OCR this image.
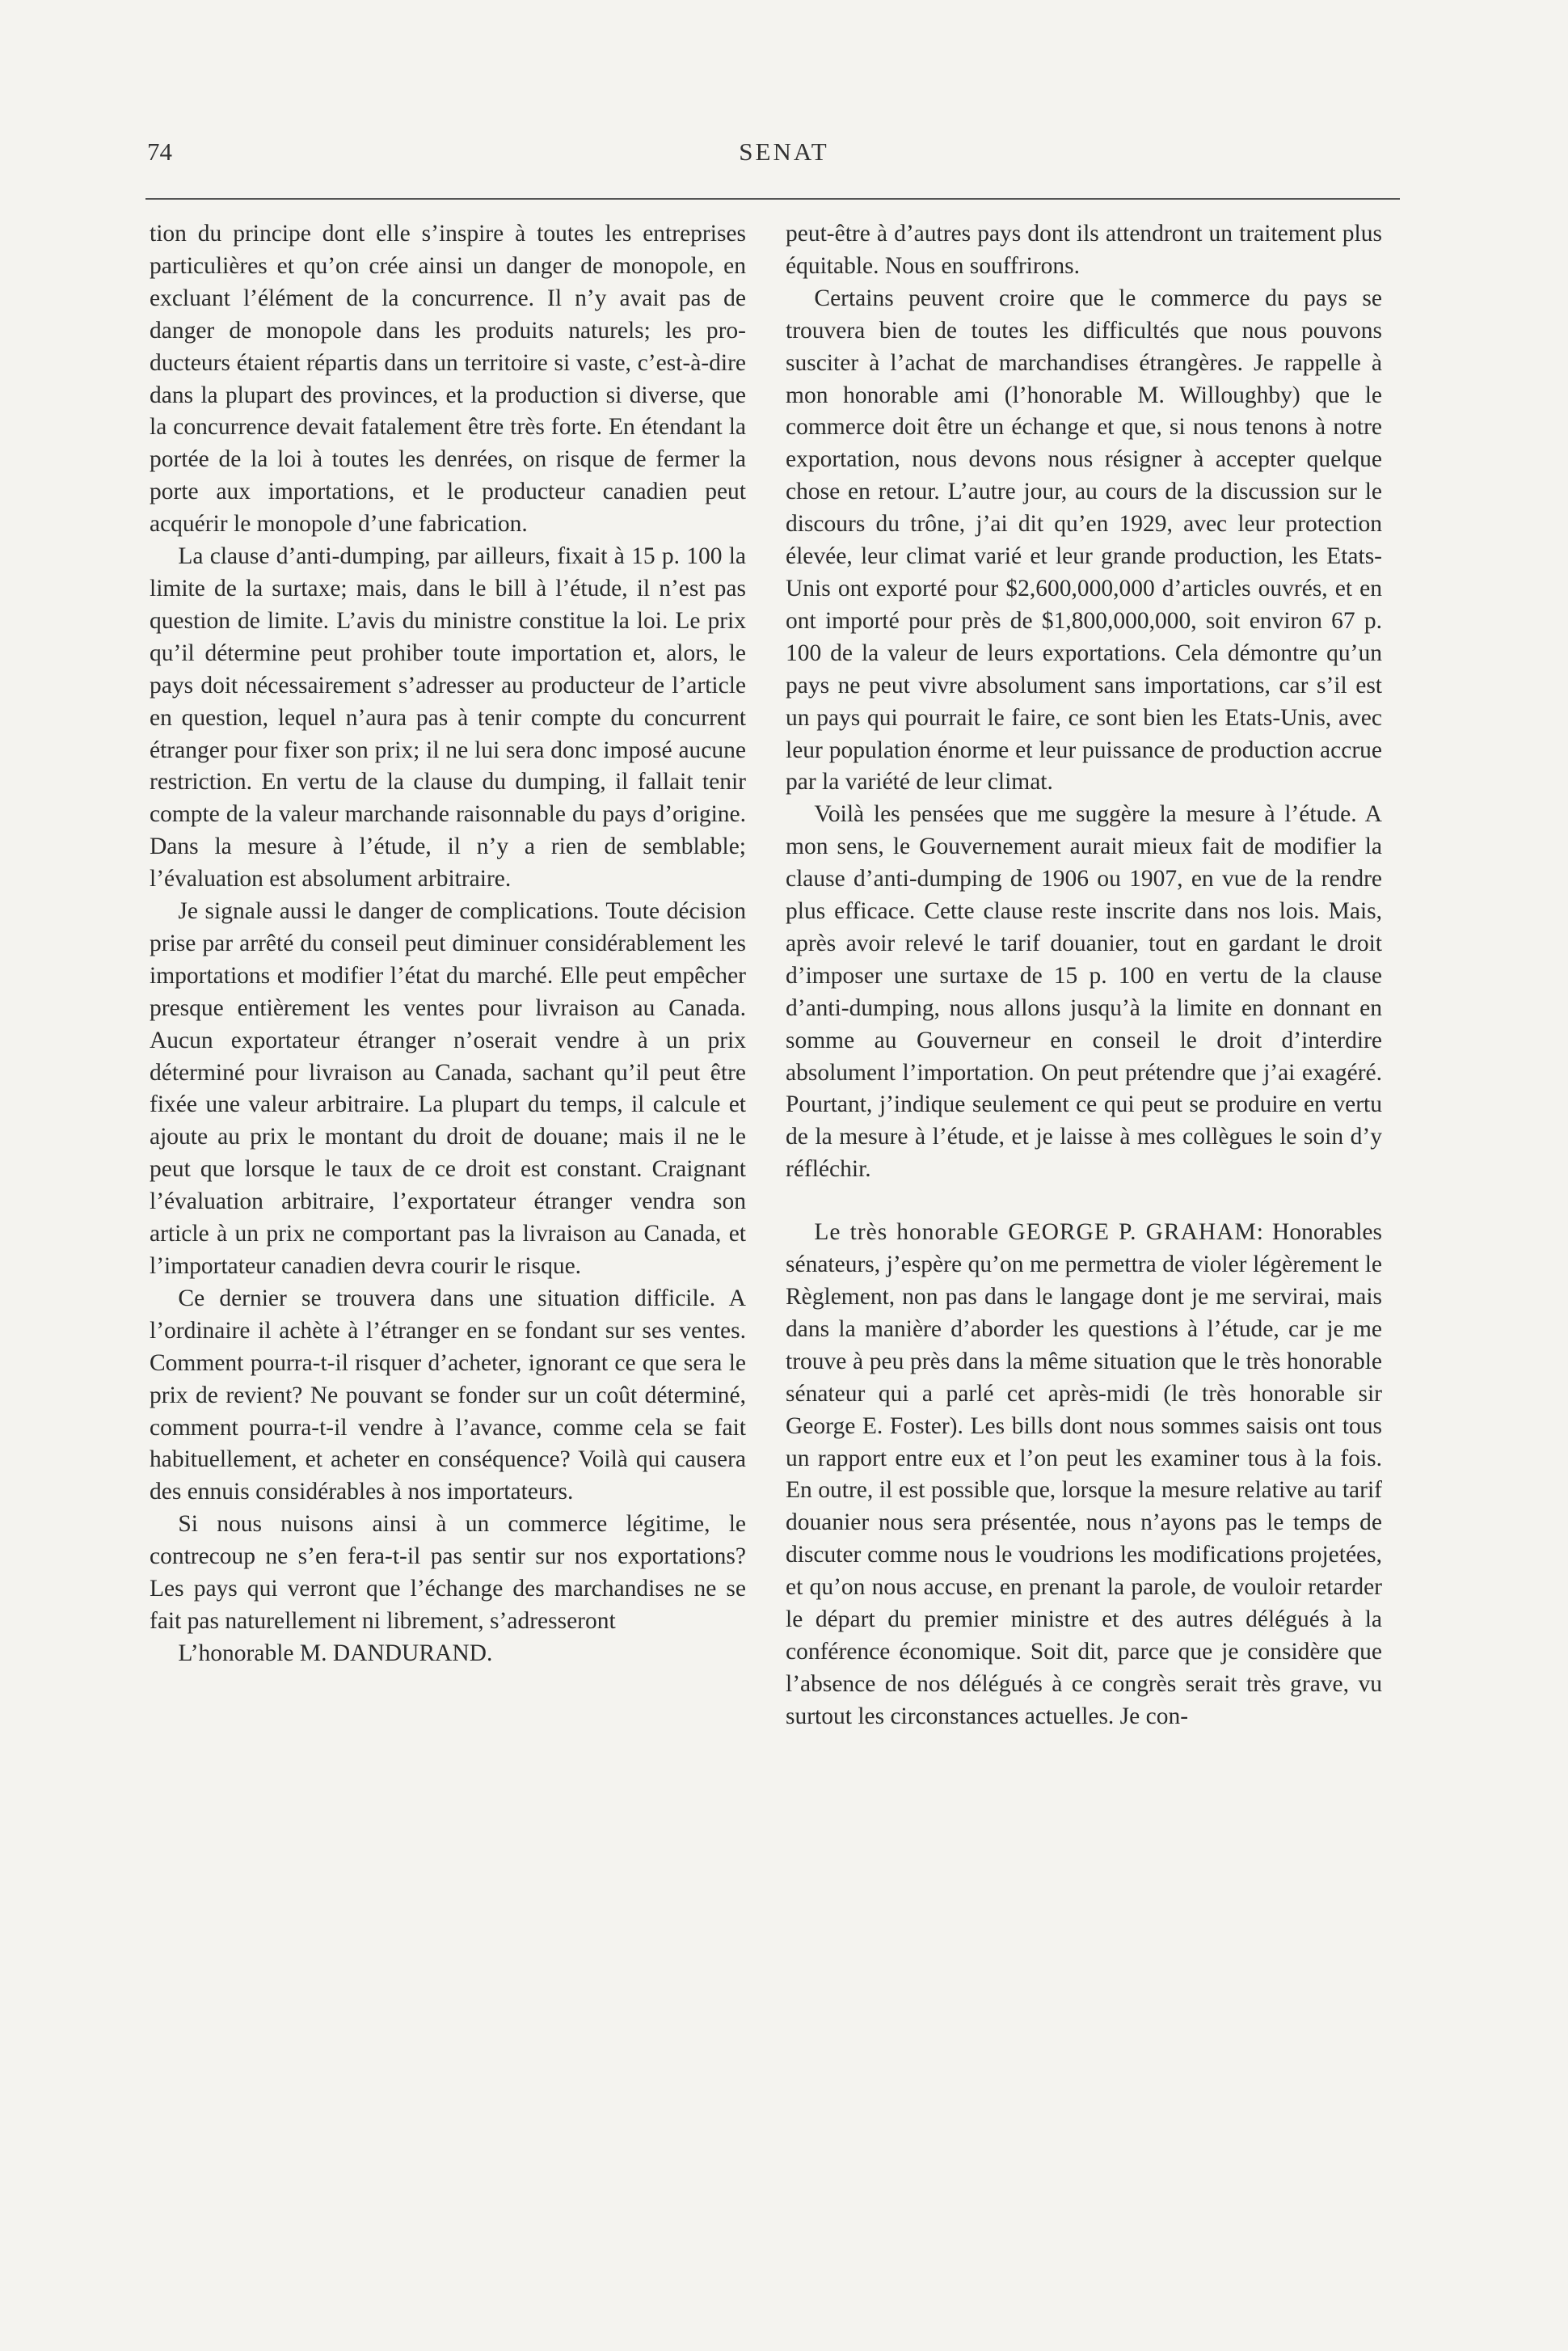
74	SENAT

tion du principe dont elle s’inspire à toutes les entreprises particulières et qu’on crée ainsi un danger de monopole, en excluant l’élément de la concurrence. Il n’y avait pas de danger de monopole dans les produits naturels; les producteurs étaient répartis dans un territoire si vaste, c’est-à-dire dans la plupart des provinces, et la production si diverse, que la concurrence devait fatalement être très forte. En étendant la portée de la loi à toutes les denrées, on risque de fermer la porte aux importations, et le producteur canadien peut acquérir le monopole d’une fabrication.

La clause d’anti-dumping, par ailleurs, fixait à 15 p. 100 la limite de la surtaxe; mais, dans le bill à l’étude, il n’est pas question de limite. L’avis du ministre constitue la loi. Le prix qu’il détermine peut prohiber toute importation et, alors, le pays doit nécessairement s’adresser au producteur de l’article en question, lequel n’aura pas à tenir compte du concurrent étranger pour fixer son prix; il ne lui sera donc imposé aucune restriction. En vertu de la clause du dumping, il fallait tenir compte de la valeur marchande raisonnable du pays d’origine. Dans la mesure à l’étude, il n’y a rien de semblable; l’évaluation est absolument arbitraire.

Je signale aussi le danger de complications. Toute décision prise par arrêté du conseil peut diminuer considérablement les importations et modifier l’état du marché. Elle peut empêcher presque entièrement les ventes pour livraison au Canada. Aucun exportateur étranger n’oserait vendre à un prix déterminé pour livraison au Canada, sachant qu’il peut être fixée une valeur arbitraire. La plupart du temps, il calcule et ajoute au prix le montant du droit de douane; mais il ne le peut que lorsque le taux de ce droit est constant. Craignant l’évaluation arbitraire, l’exportateur étranger vendra son article à un prix ne comportant pas la livraison au Canada, et l’importateur canadien devra courir le risque.

Ce dernier se trouvera dans une situation difficile. A l’ordinaire il achète à l’étranger en se fondant sur ses ventes. Comment pourra-t-il risquer d’acheter, ignorant ce que sera le prix de revient? Ne pouvant se fonder sur un coût déterminé, comment pourra-t-il vendre à l’avance, comme cela se fait habituellement, et acheter en conséquence? Voilà qui causera des ennuis considérables à nos importateurs.

Si nous nuisons ainsi à un commerce légitime, le contrecoup ne s’en fera-t-il pas sentir sur nos exportations? Les pays qui verront que l’échange des marchandises ne se fait pas naturellement ni librement, s’adresseront

L’honorable M. DANDURAND.

peut-être à d’autres pays dont ils attendront un traitement plus équitable. Nous en souffrirons.

Certains peuvent croire que le commerce du pays se trouvera bien de toutes les difficultés que nous pouvons susciter à l’achat de marchandises étrangères. Je rappelle à mon honorable ami (l’honorable M. Willoughby) que le commerce doit être un échange et que, si nous tenons à notre exportation, nous devons nous résigner à accepter quelque chose en retour. L’autre jour, au cours de la discussion sur le discours du trône, j’ai dit qu’en 1929, avec leur protection élevée, leur climat varié et leur grande production, les Etats-Unis ont exporté pour $2,600,000,000 d’articles ouvrés, et en ont importé pour près de $1,800,000,000, soit environ 67 p. 100 de la valeur de leurs exportations. Cela démontre qu’un pays ne peut vivre absolument sans importations, car s’il est un pays qui pourrait le faire, ce sont bien les Etats-Unis, avec leur population énorme et leur puissance de production accrue par la variété de leur climat.

Voilà les pensées que me suggère la mesure à l’étude. A mon sens, le Gouvernement aurait mieux fait de modifier la clause d’anti-dumping de 1906 ou 1907, en vue de la rendre plus efficace. Cette clause reste inscrite dans nos lois. Mais, après avoir relevé le tarif douanier, tout en gardant le droit d’imposer une surtaxe de 15 p. 100 en vertu de la clause d’anti-dumping, nous allons jusqu’à la limite en donnant en somme au Gouverneur en conseil le droit d’interdire absolument l’importation. On peut prétendre que j’ai exagéré. Pourtant, j’indique seulement ce qui peut se produire en vertu de la mesure à l’étude, et je laisse à mes collègues le soin d’y réfléchir.

Le très honorable GEORGE P. GRAHAM: Honorables sénateurs, j’espère qu’on me permettra de violer légèrement le Règlement, non pas dans le langage dont je me servirai, mais dans la manière d’aborder les questions à l’étude, car je me trouve à peu près dans la même situation que le très honorable sénateur qui a parlé cet après-midi (le très honorable sir George E. Foster). Les bills dont nous sommes saisis ont tous un rapport entre eux et l’on peut les examiner tous à la fois. En outre, il est possible que, lorsque la mesure relative au tarif douanier nous sera présentée, nous n’ayons pas le temps de discuter comme nous le voudrions les modifications projetées, et qu’on nous accuse, en prenant la parole, de vouloir retarder le départ du premier ministre et des autres délégués à la conférence économique. Soit dit, parce que je considère que l’absence de nos délégués à ce congrès serait très grave, vu surtout les circonstances actuelles. Je con-
